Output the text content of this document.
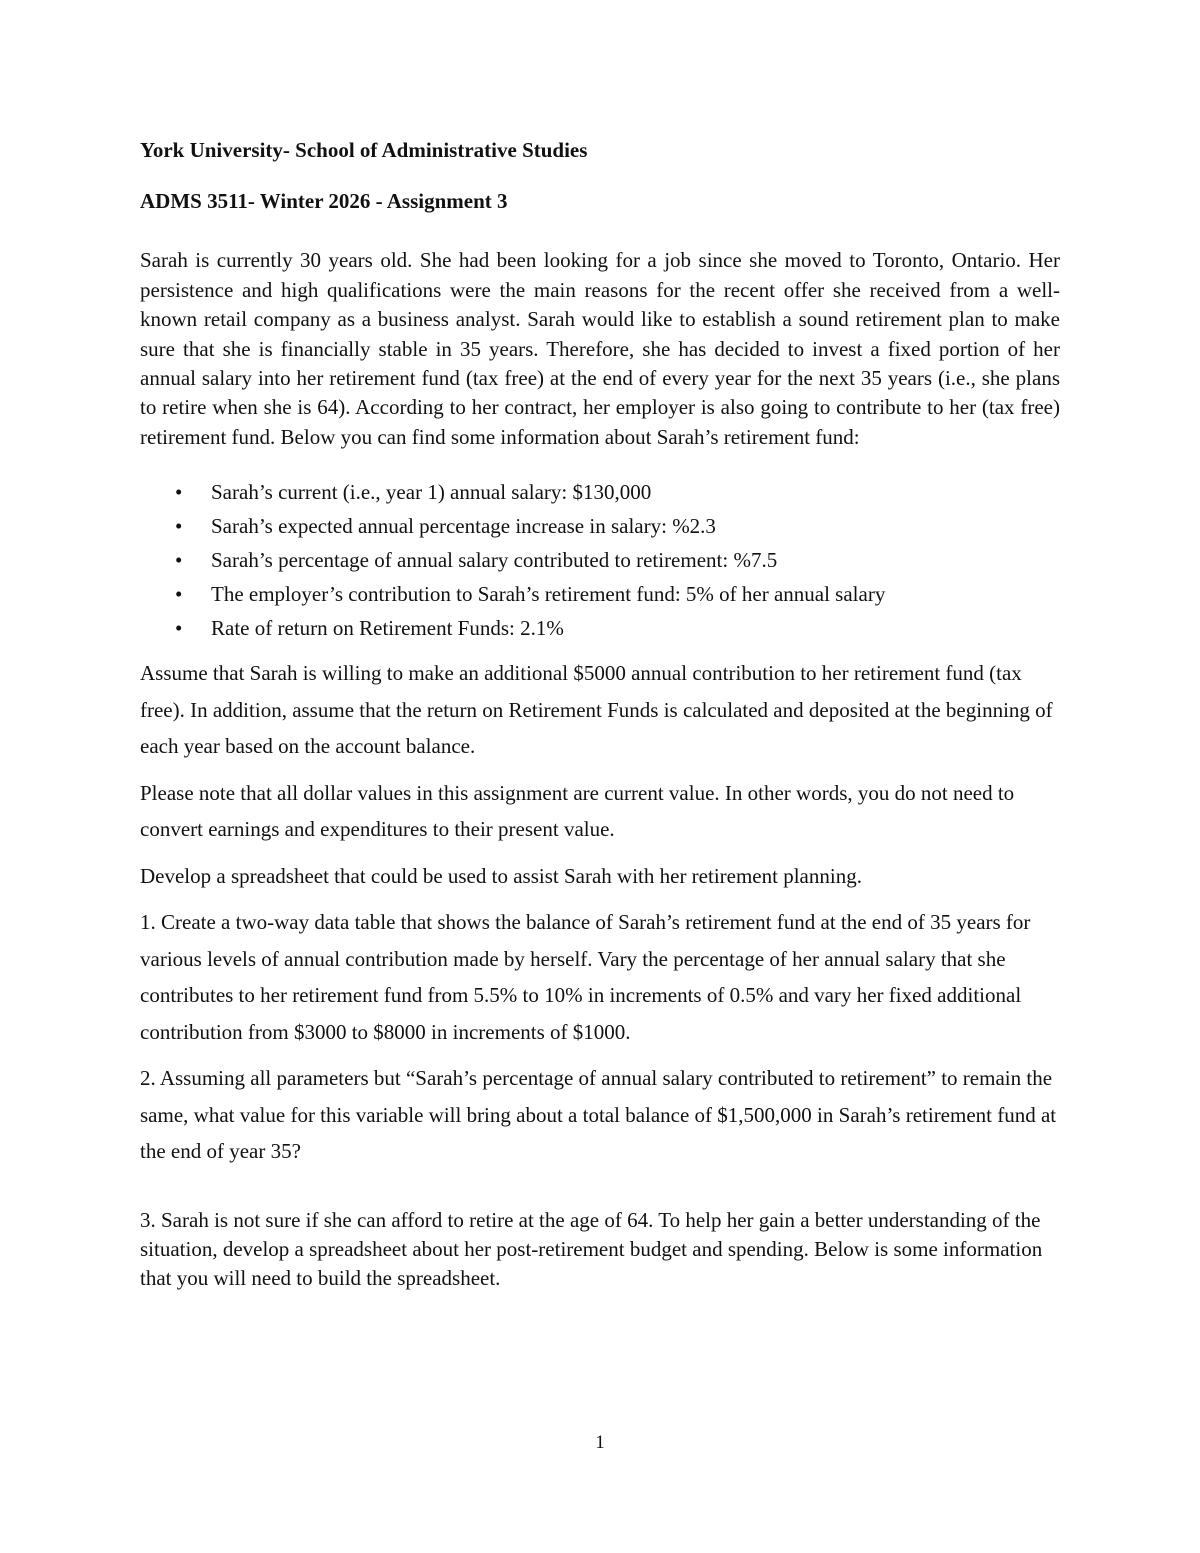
York University- School of Administrative Studies

ADMS 3511- Winter 2026 - Assignment 3

Sarah is currently 30 years old. She had been looking for a job since she moved to Toronto, Ontario. Her persistence and high qualifications were the main reasons for the recent offer she received from a well-known retail company as a business analyst. Sarah would like to establish a sound retirement plan to make sure that she is financially stable in 35 years. Therefore, she has decided to invest a fixed portion of her annual salary into her retirement fund (tax free) at the end of every year for the next 35 years (i.e., she plans to retire when she is 64). According to her contract, her employer is also going to contribute to her (tax free) retirement fund. Below you can find some information about Sarah’s retirement fund:

• Sarah’s current (i.e., year 1) annual salary: $130,000
• Sarah’s expected annual percentage increase in salary: %2.3
• Sarah’s percentage of annual salary contributed to retirement: %7.5
• The employer’s contribution to Sarah’s retirement fund: 5% of her annual salary
• Rate of return on Retirement Funds: 2.1%

Assume that Sarah is willing to make an additional $5000 annual contribution to her retirement fund (tax free). In addition, assume that the return on Retirement Funds is calculated and deposited at the beginning of each year based on the account balance.

Please note that all dollar values in this assignment are current value. In other words, you do not need to convert earnings and expenditures to their present value.

Develop a spreadsheet that could be used to assist Sarah with her retirement planning.

1. Create a two-way data table that shows the balance of Sarah’s retirement fund at the end of 35 years for various levels of annual contribution made by herself. Vary the percentage of her annual salary that she contributes to her retirement fund from 5.5% to 10% in increments of 0.5% and vary her fixed additional contribution from $3000 to $8000 in increments of $1000.

2. Assuming all parameters but “Sarah’s percentage of annual salary contributed to retirement” to remain the same, what value for this variable will bring about a total balance of $1,500,000 in Sarah’s retirement fund at the end of year 35?

3. Sarah is not sure if she can afford to retire at the age of 64. To help her gain a better understanding of the situation, develop a spreadsheet about her post-retirement budget and spending. Below is some information that you will need to build the spreadsheet.

1
